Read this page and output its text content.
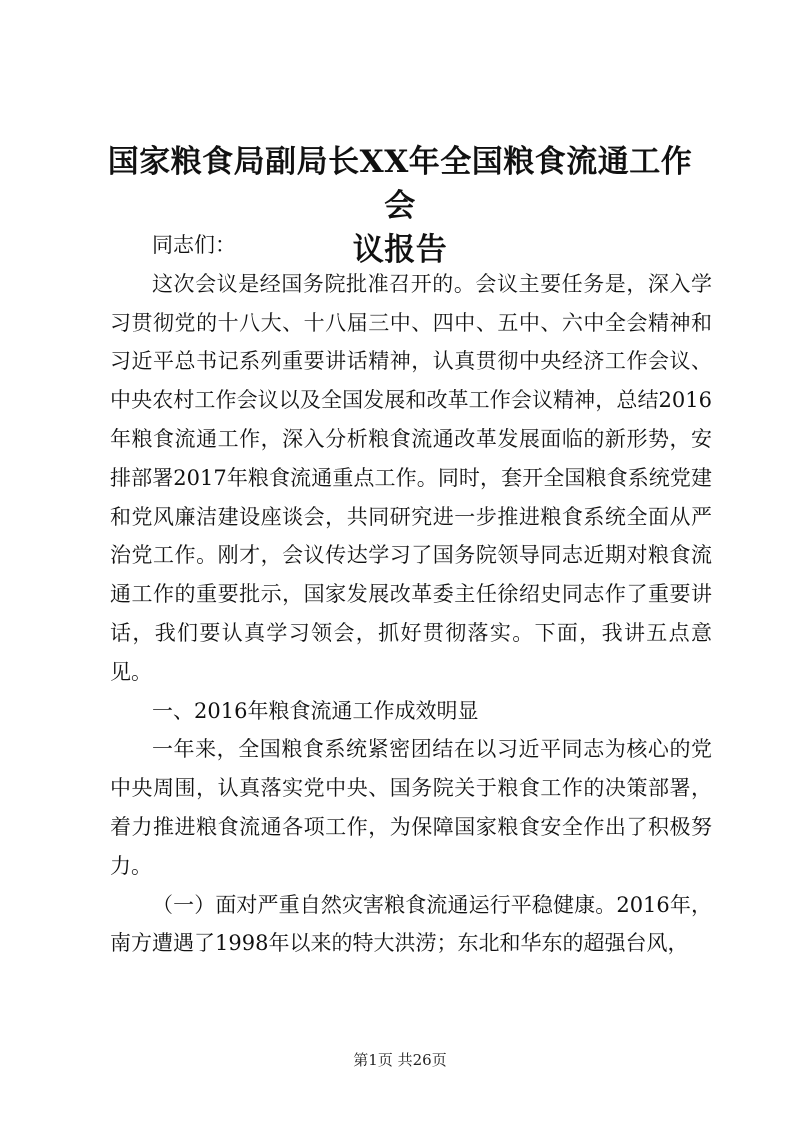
国家粮食局副局长XX年全国粮食流通工作会
议报告

同志们：

这次会议是经国务院批准召开的。会议主要任务是，深入学习贯彻党的十八大、十八届三中、四中、五中、六中全会精神和习近平总书记系列重要讲话精神，认真贯彻中央经济工作会议、中央农村工作会议以及全国发展和改革工作会议精神，总结2016年粮食流通工作，深入分析粮食流通改革发展面临的新形势，安排部署2017年粮食流通重点工作。同时，套开全国粮食系统党建和党风廉洁建设座谈会，共同研究进一步推进粮食系统全面从严治党工作。刚才，会议传达学习了国务院领导同志近期对粮食流通工作的重要批示，国家发展改革委主任徐绍史同志作了重要讲话，我们要认真学习领会，抓好贯彻落实。下面，我讲五点意见。

一、2016年粮食流通工作成效明显

一年来，全国粮食系统紧密团结在以习近平同志为核心的党中央周围，认真落实党中央、国务院关于粮食工作的决策部署，着力推进粮食流通各项工作，为保障国家粮食安全作出了积极努力。

（一）面对严重自然灾害粮食流通运行平稳健康。2016年，南方遭遇了1998年以来的特大洪涝；东北和华东的超强台风，

第1页 共26页
